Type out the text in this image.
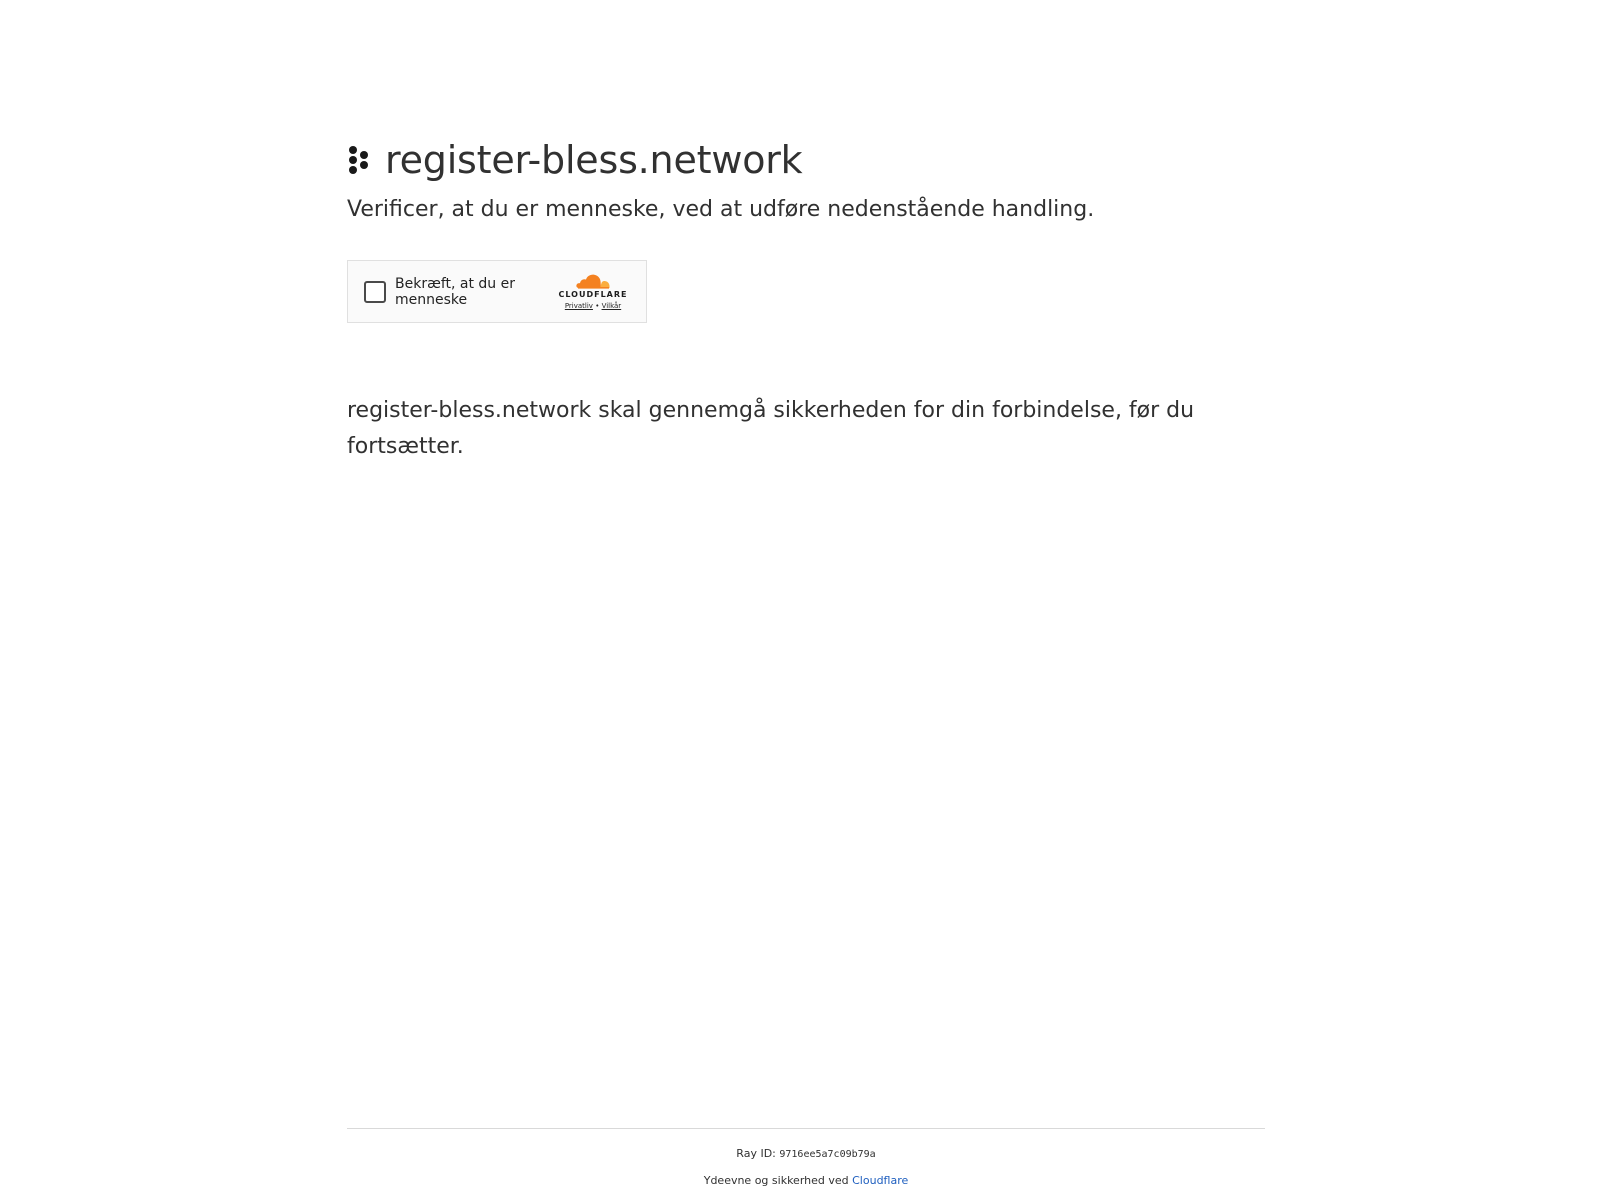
register-bless.network

Verificer, at du er menneske, ved at udføre nedenstående handling.

Bekræft, at du er menneske	CLOUDFLARE
Privatliv • Vilkår

register-bless.network skal gennemgå sikkerheden for din forbindelse, før du fortsætter.

Ray ID: 9716ee5a7c09b79a
Ydeevne og sikkerhed ved Cloudflare
